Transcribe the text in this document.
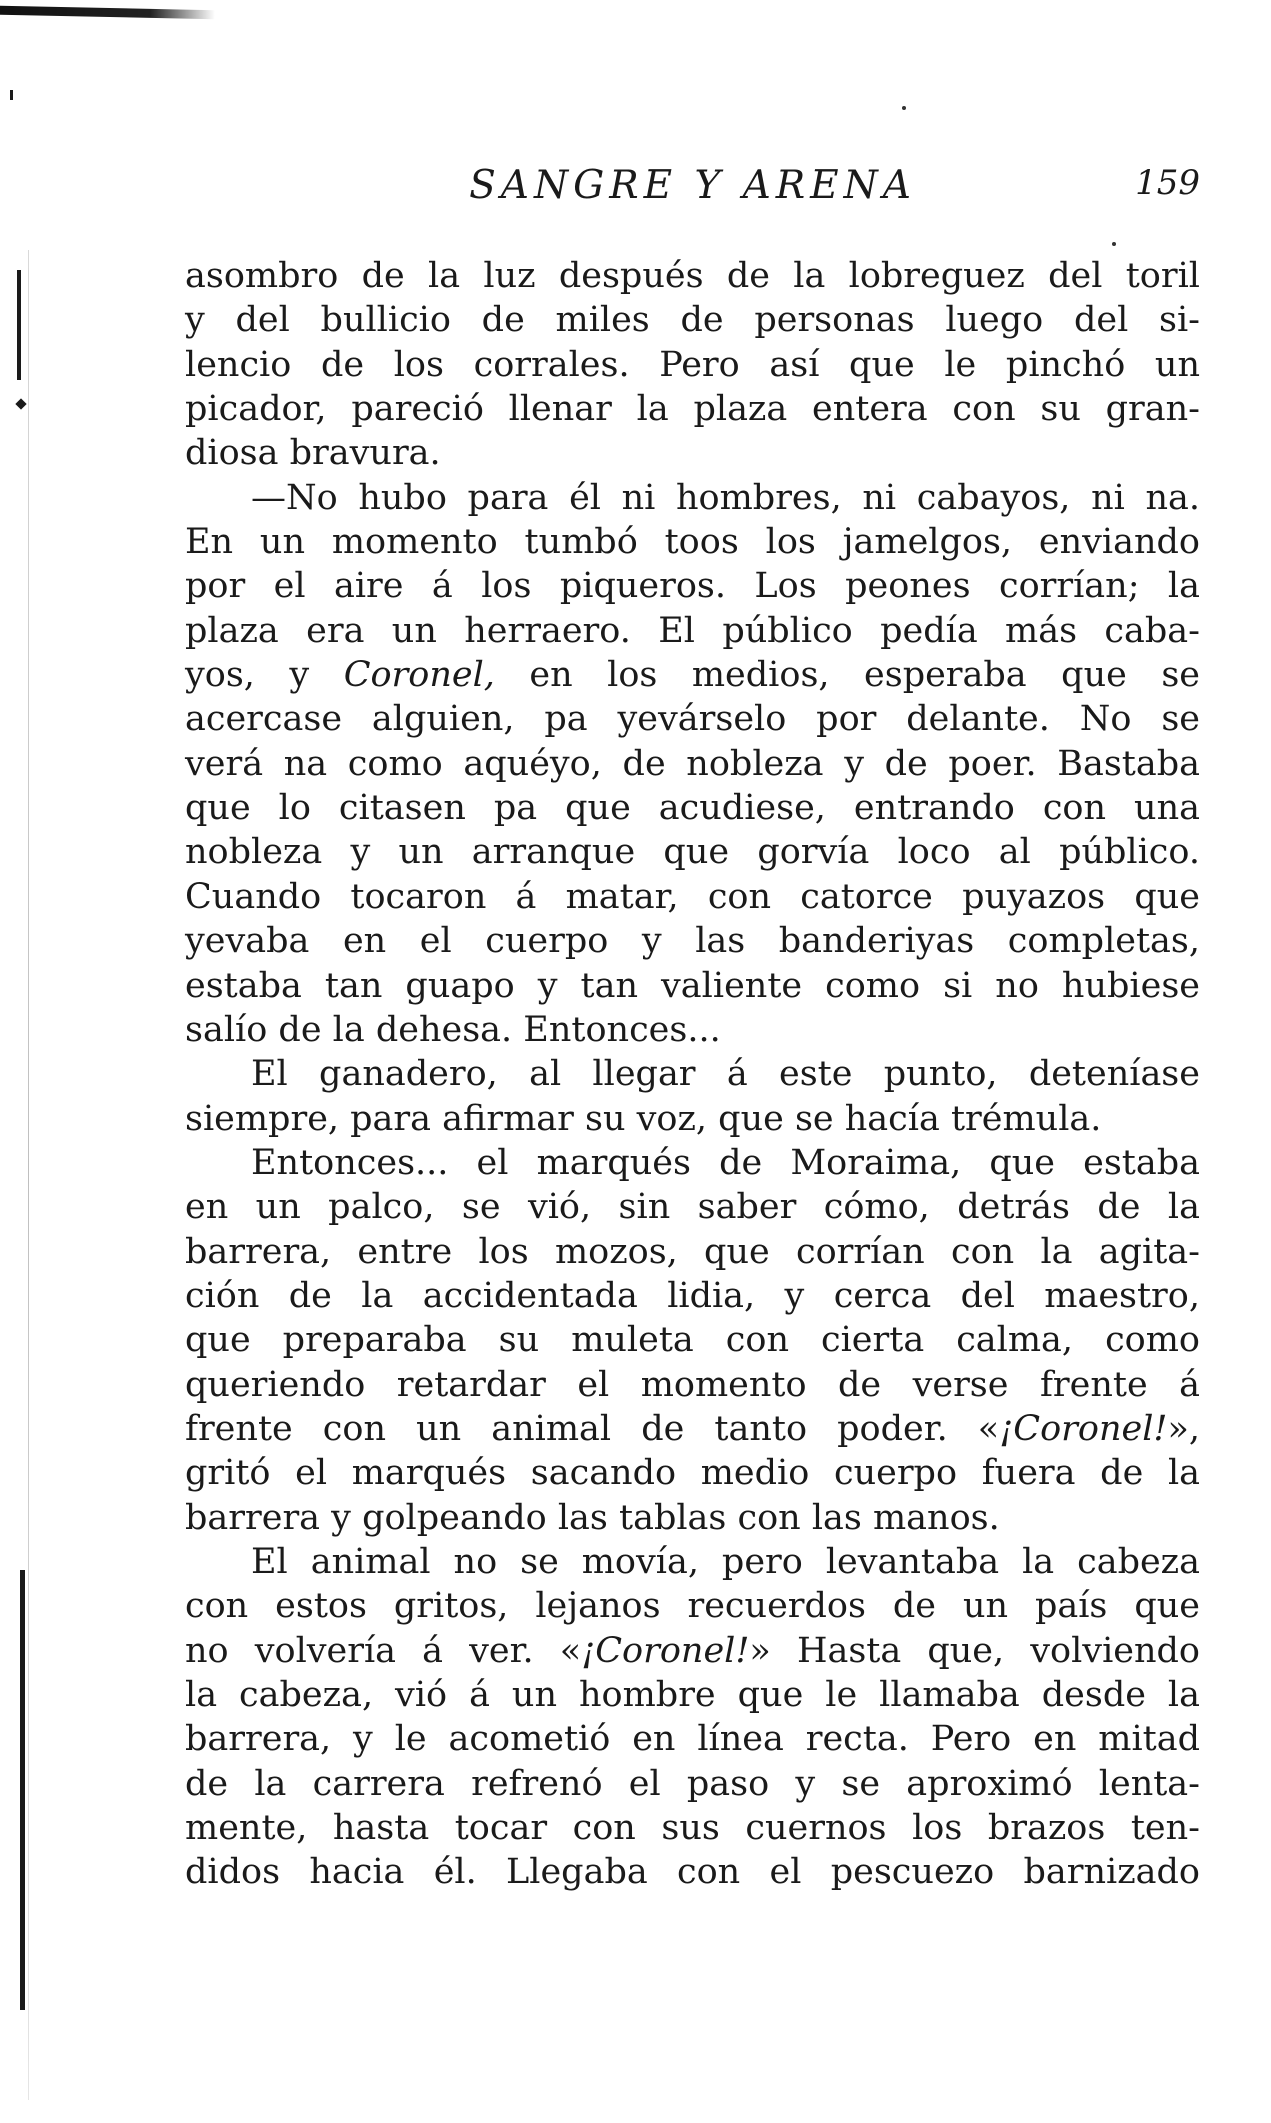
SANGRE Y ARENA	159
asombro de la luz después de la lobreguez del toril
y del bullicio de miles de personas luego del si-
lencio de los corrales. Pero así que le pinchó un
picador, pareció llenar la plaza entera con su gran-
diosa bravura.
—No hubo para él ni hombres, ni cabayos, ni na.
En un momento tumbó toos los jamelgos, enviando
por el aire á los piqueros. Los peones corrían; la
plaza era un herraero. El público pedía más caba-
yos, y Coronel, en los medios, esperaba que se
acercase alguien, pa yevárselo por delante. No se
verá na como aquéyo, de nobleza y de poer. Bastaba
que lo citasen pa que acudiese, entrando con una
nobleza y un arranque que gorvía loco al público.
Cuando tocaron á matar, con catorce puyazos que
yevaba en el cuerpo y las banderiyas completas,
estaba tan guapo y tan valiente como si no hubiese
salío de la dehesa. Entonces...
El ganadero, al llegar á este punto, deteníase
siempre, para afirmar su voz, que se hacía trémula.
Entonces... el marqués de Moraima, que estaba
en un palco, se vió, sin saber cómo, detrás de la
barrera, entre los mozos, que corrían con la agita-
ción de la accidentada lidia, y cerca del maestro,
que preparaba su muleta con cierta calma, como
queriendo retardar el momento de verse frente á
frente con un animal de tanto poder. «¡Coronel!»,
gritó el marqués sacando medio cuerpo fuera de la
barrera y golpeando las tablas con las manos.
El animal no se movía, pero levantaba la cabeza
con estos gritos, lejanos recuerdos de un país que
no volvería á ver. «¡Coronel!» Hasta que, volviendo
la cabeza, vió á un hombre que le llamaba desde la
barrera, y le acometió en línea recta. Pero en mitad
de la carrera refrenó el paso y se aproximó lenta-
mente, hasta tocar con sus cuernos los brazos ten-
didos hacia él. Llegaba con el pescuezo barnizado
